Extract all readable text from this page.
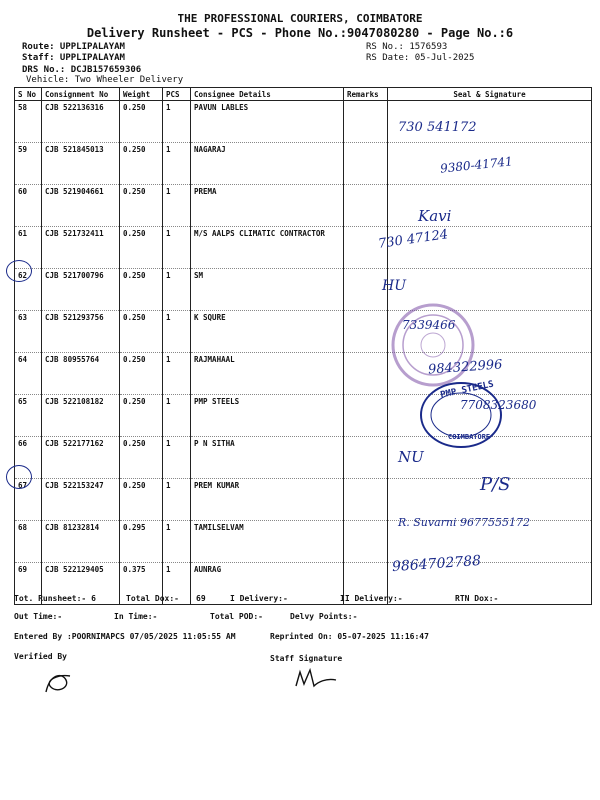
THE PROFESSIONAL COURIERS, COIMBATORE
Delivery Runsheet - PCS - Phone No.:9047080280 - Page No.:6
Route: UPPLIPALAYAM
Staff: UPPLIPALAYAM
DRS No.: DCJB157659306
Vehicle: Two Wheeler Delivery
RS No.: 1576593
RS Date: 05-Jul-2025
S No	Consignment No	Weight	PCS	Consignee Details	Remarks	Seal & Signature
58	CJB 522136316	0.250	1	PAVUN LABLES		
59	CJB 521845013	0.250	1	NAGARAJ		
60	CJB 521904661	0.250	1	PREMA		
61	CJB 521732411	0.250	1	M/S AALPS CLIMATIC CONTRACTOR		
62	CJB 521700796	0.250	1	SM		
63	CJB 521293756	0.250	1	K SQURE		
64	CJB 80955764	0.250	1	RAJMAHAAL		
65	CJB 522108182	0.250	1	PMP STEELS		
66	CJB 522177162	0.250	1	P N SITHA		
67	CJB 522153247	0.250	1	PREM KUMAR		
68	CJB 81232814	0.295	1	TAMILSELVAM		
69	CJB 522129405	0.375	1	AUNRAG		
PMP STEELS
COIMBATORE
730 541172
9380-41741
Kavi
730 47124
HU
7339466
984322996
7708323680
NU
P/S
R. Suvarni 9677555172
9864702788
Tot. Runsheet:- 6	Total Dox:- 69	I Delivery:-	II Delivery:-	RTN Dox:-
Out Time:-	In Time:-	Total POD:-	Delvy Points:-
Entered By :POORNIMAPCS 07/05/2025 11:05:55 AM	Reprinted On: 05-07-2025 11:16:47
Verified By	Staff Signature
